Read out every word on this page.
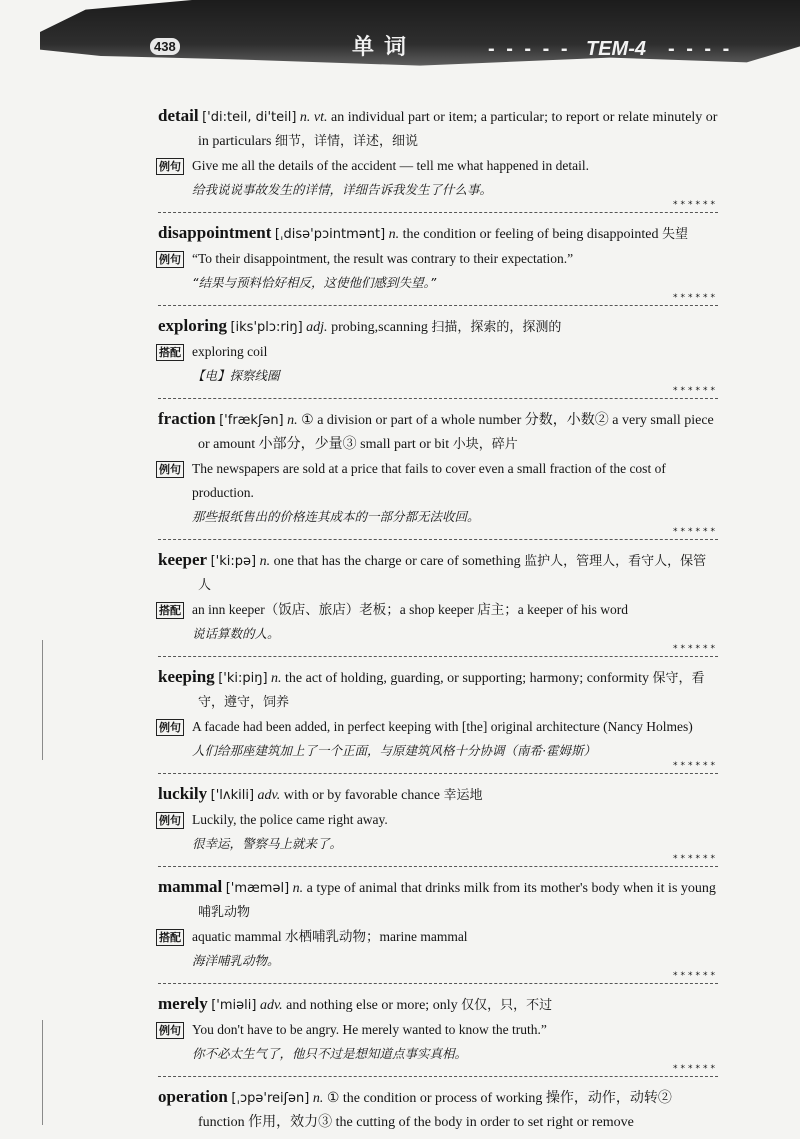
438	单词	- - - - - TEM-4 - - - -
detail ['di:teil, di'teil] n. vt. an individual part or item; a particular; to report or relate minutely or in particulars 细节，详情，详述，细说
例句 Give me all the details of the accident — tell me what happened in detail.
给我说说事故发生的详情，详细告诉我发生了什么事。
******
disappointment [ˌdisə'pɔintmənt] n. the condition or feeling of being disappointed 失望
例句 “To their disappointment, the result was contrary to their expectation.”
“结果与预料恰好相反，这使他们感到失望。”
******
exploring [iks'plɔ:riŋ] adj. probing,scanning 扫描，探索的，探测的
搭配 exploring coil
【电】探察线圈
******
fraction ['frækʃən] n. ① a division or part of a whole number 分数，小数② a very small piece or amount 小部分，少量③ small part or bit 小块，碎片
例句 The newspapers are sold at a price that fails to cover even a small fraction of the cost of production.
那些报纸售出的价格连其成本的一部分都无法收回。
******
keeper ['ki:pə] n. one that has the charge or care of something 监护人，管理人，看守人，保管人
搭配 an inn keeper（饭店、旅店）老板；a shop keeper 店主；a keeper of his word
说话算数的人。
******
keeping ['ki:piŋ] n. the act of holding, guarding, or supporting; harmony; conformity 保守，看守，遵守，饲养
例句 A facade had been added, in perfect keeping with [the] original architecture (Nancy Holmes)
人们给那座建筑加上了一个正面，与原建筑风格十分协调（南希·霍姆斯）
******
luckily ['lʌkili] adv. with or by favorable chance 幸运地
例句 Luckily, the police came right away.
很幸运，警察马上就来了。
******
mammal ['mæməl] n. a type of animal that drinks milk from its mother's body when it is young 哺乳动物
搭配 aquatic mammal 水栖哺乳动物；marine mammal
海洋哺乳动物。
******
merely ['miəli] adv. and nothing else or more; only 仅仅，只，不过
例句 You don't have to be angry. He merely wanted to know the truth.”
你不必太生气了，他只不过是想知道点事实真相。
******
operation [ˌɔpə'reiʃən] n. ① the condition or process of working 操作，动作，动转② function 作用，效力③ the cutting of the body in order to set right or remove
